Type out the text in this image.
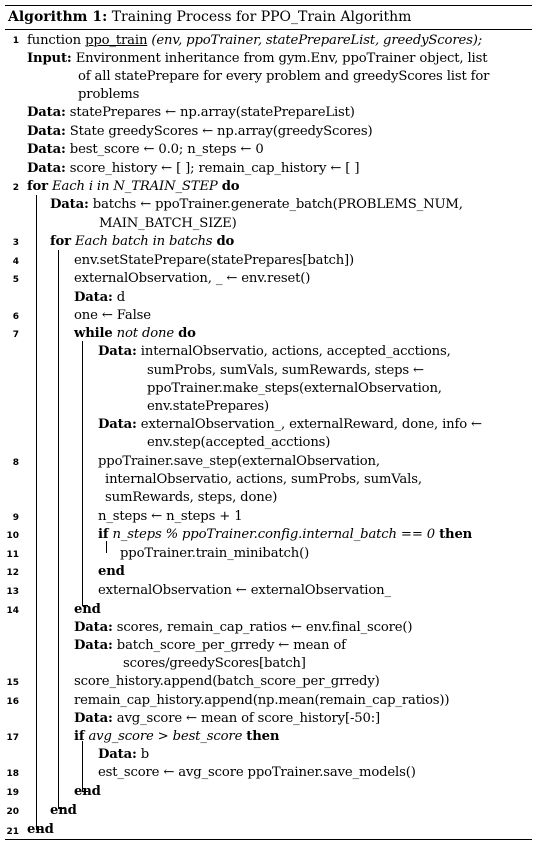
Algorithm 1: Training Process for PPO_Train Algorithm
1 function ppo_train (env, ppoTrainer, statePrepareList, greedyScores);
Input: Environment inheritance from gym.Env, ppoTrainer object, list
of all statePrepare for every problem and greedyScores list for
problems
Data: statePrepares ← np.array(statePrepareList)
Data: State greedyScores ← np.array(greedyScores)
Data: best_score ← 0.0; n_steps ← 0
Data: score_history ← [ ]; remain_cap_history ← [ ]
2 for Each i in N_TRAIN_STEP do
Data: batchs ← ppoTrainer.generate_batch(PROBLEMS_NUM,
MAIN_BATCH_SIZE)
3 for Each batch in batchs do
4	env.setStatePrepare(statePrepares[batch])
5	externalObservation, _ ← env.reset()
Data: d
6	one ← False
7	while not done do
Data: internalObservatio, actions, accepted_acctions,
sumProbs, sumVals, sumRewards, steps ←
ppoTrainer.make_steps(externalObservation,
env.statePrepares)
Data: externalObservation_, externalReward, done, info ←
env.step(accepted_acctions)
8	ppoTrainer.save_step(externalObservation,
internalObservatio, actions, sumProbs, sumVals,
sumRewards, steps, done)
9	n_steps ← n_steps + 1
10	if n_steps % ppoTrainer.config.internal_batch == 0 then
11	ppoTrainer.train_minibatch()
12	end
13	externalObservation ← externalObservation_
14	end
Data: scores, remain_cap_ratios ← env.final_score()
Data: batch_score_per_grredy ← mean of
scores/greedyScores[batch]
15	score_history.append(batch_score_per_grredy)
16	remain_cap_history.append(np.mean(remain_cap_ratios))
Data: avg_score ← mean of score_history[-50:]
17	if avg_score > best_score then
Data: b
18	est_score ← avg_score ppoTrainer.save_models()
19	end
20 end
21 end
